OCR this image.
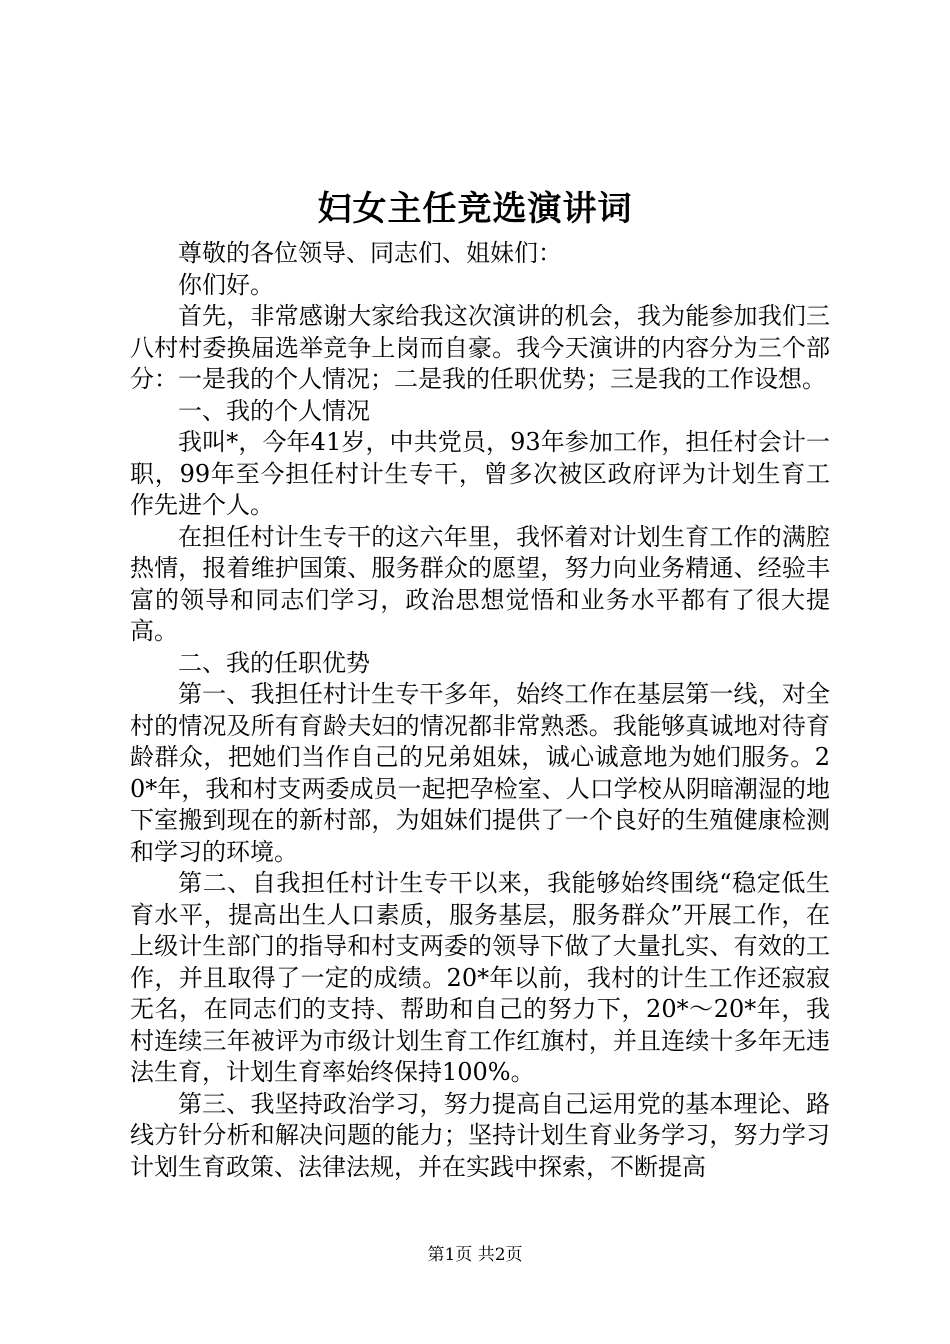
妇女主任竞选演讲词

尊敬的各位领导、同志们、姐妹们：

你们好。

首先，非常感谢大家给我这次演讲的机会，我为能参加我们三八村村委换届选举竞争上岗而自豪。我今天演讲的内容分为三个部分：一是我的个人情况；二是我的任职优势；三是我的工作设想。

一、我的个人情况

我叫*，今年41岁，中共党员，93年参加工作，担任村会计一职，99年至今担任村计生专干，曾多次被区政府评为计划生育工作先进个人。

在担任村计生专干的这六年里，我怀着对计划生育工作的满腔热情，报着维护国策、服务群众的愿望，努力向业务精通、经验丰富的领导和同志们学习，政治思想觉悟和业务水平都有了很大提高。

二、我的任职优势

第一、我担任村计生专干多年，始终工作在基层第一线，对全村的情况及所有育龄夫妇的情况都非常熟悉。我能够真诚地对待育龄群众，把她们当作自己的兄弟姐妹，诚心诚意地为她们服务。20*年，我和村支两委成员一起把孕检室、人口学校从阴暗潮湿的地下室搬到现在的新村部，为姐妹们提供了一个良好的生殖健康检测和学习的环境。

第二、自我担任村计生专干以来，我能够始终围绕“稳定低生育水平，提高出生人口素质，服务基层，服务群众”开展工作，在上级计生部门的指导和村支两委的领导下做了大量扎实、有效的工作，并且取得了一定的成绩。20*年以前，我村的计生工作还寂寂无名，在同志们的支持、帮助和自己的努力下，20*～20*年，我村连续三年被评为市级计划生育工作红旗村，并且连续十多年无违法生育，计划生育率始终保持100%。

第三、我坚持政治学习，努力提高自己运用党的基本理论、路线方针分析和解决问题的能力；坚持计划生育业务学习，努力学习计划生育政策、法律法规，并在实践中探索，不断提高

第1页 共2页
